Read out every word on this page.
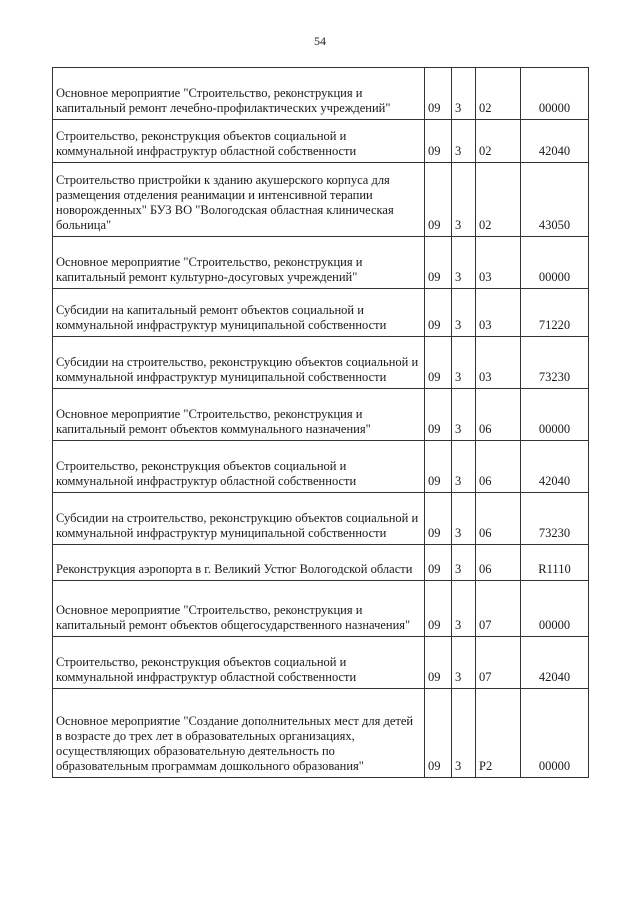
54
Основное мероприятие "Строительство, реконструкция и капитальный ремонт лечебно-профилактических учреждений"	09	3	02	00000
Строительство, реконструкция объектов социальной и коммунальной инфраструктур областной собственности	09	3	02	42040
Строительство пристройки к зданию акушерского корпуса для размещения отделения реанимации и интенсивной терапии новорожденных" БУЗ ВО "Вологодская областная клиническая больница"	09	3	02	43050
Основное мероприятие "Строительство, реконструкция и капитальный ремонт культурно-досуговых учреждений"	09	3	03	00000
Субсидии на капитальный ремонт объектов социальной и коммунальной инфраструктур муниципальной собственности	09	3	03	71220
Субсидии на строительство, реконструкцию объектов социальной и коммунальной инфраструктур муниципальной собственности	09	3	03	73230
Основное мероприятие "Строительство, реконструкция и капитальный ремонт объектов коммунального назначения"	09	3	06	00000
Строительство, реконструкция объектов социальной и коммунальной инфраструктур областной собственности	09	3	06	42040
Субсидии на строительство, реконструкцию объектов социальной и коммунальной инфраструктур муниципальной собственности	09	3	06	73230
Реконструкция аэропорта в г. Великий Устюг Вологодской области	09	3	06	R1110
Основное мероприятие "Строительство, реконструкция и капитальный ремонт объектов общегосударственного назначения"	09	3	07	00000
Строительство, реконструкция объектов социальной и коммунальной инфраструктур областной собственности	09	3	07	42040
Основное мероприятие "Создание дополнительных мест для детей в возрасте до трех лет в образовательных организациях, осуществляющих образовательную деятельность по образовательным программам дошкольного образования"	09	3	P2	00000
